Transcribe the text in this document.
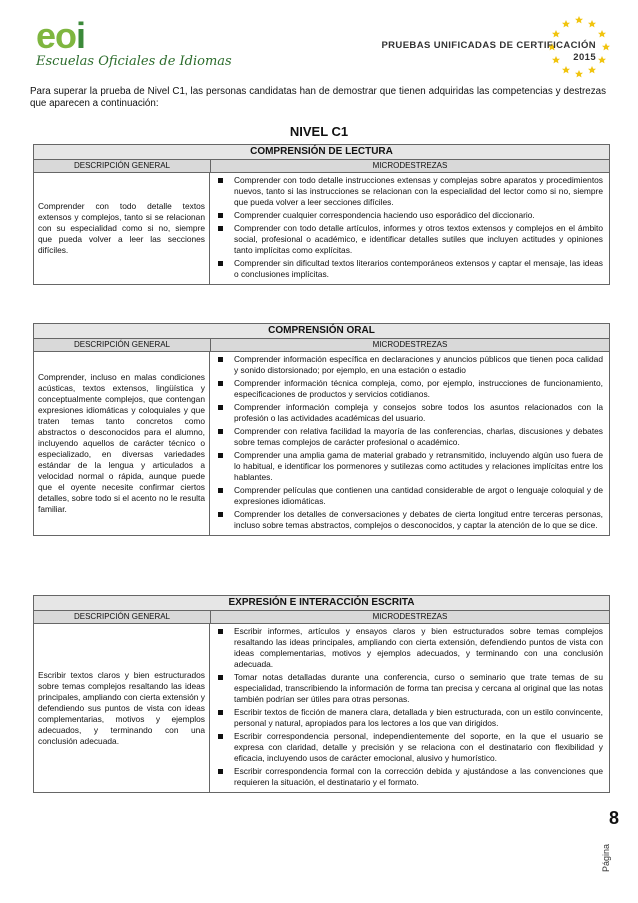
eoi
Escuelas Oficiales de Idiomas
PRUEBAS UNIFICADAS DE CERTIFICACIÓN
2015
Para superar la prueba de Nivel C1, las personas candidatas han de demostrar que tienen adquiridas las competencias y destrezas que aparecen a continuación:
NIVEL C1
COMPRENSIÓN DE LECTURA
DESCRIPCIÓN GENERAL	MICRODESTREZAS
Comprender con todo detalle textos extensos y complejos, tanto si se relacionan con su especialidad como si no, siempre que pueda volver a leer las secciones difíciles.
Comprender con todo detalle instrucciones extensas y complejas sobre aparatos y procedimientos nuevos, tanto si las instrucciones se relacionan con la especialidad del lector como si no, siempre que pueda volver a leer secciones difíciles.
Comprender cualquier correspondencia haciendo uso esporádico del diccionario.
Comprender con todo detalle artículos, informes y otros textos extensos y complejos en el ámbito social, profesional o académico, e identificar detalles sutiles que incluyen actitudes y opiniones tanto implícitas como explícitas.
Comprender sin dificultad textos literarios contemporáneos extensos y captar el mensaje, las ideas o conclusiones implícitas.
COMPRENSIÓN ORAL
DESCRIPCIÓN GENERAL	MICRODESTREZAS
Comprender, incluso en malas condiciones acústicas, textos extensos, lingüística y conceptualmente complejos, que contengan expresiones idiomáticas y coloquiales y que traten temas tanto concretos como abstractos o desconocidos para el alumno, incluyendo aquellos de carácter técnico o especializado, en diversas variedades estándar de la lengua y articulados a velocidad normal o rápida, aunque puede que el oyente necesite confirmar ciertos detalles, sobre todo si el acento no le resulta familiar.
Comprender información específica en declaraciones y anuncios públicos que tienen poca calidad y sonido distorsionado; por ejemplo, en una estación o estadio
Comprender información técnica compleja, como, por ejemplo, instrucciones de funcionamiento, especificaciones de productos y servicios cotidianos.
Comprender información compleja y consejos sobre todos los asuntos relacionados con la profesión o las actividades académicas del usuario.
Comprender con relativa facilidad la mayoría de las conferencias, charlas, discusiones y debates sobre temas complejos de carácter profesional o académico.
Comprender una amplia gama de material grabado y retransmitido, incluyendo algún uso fuera de lo habitual, e identificar los pormenores y sutilezas como actitudes y relaciones implícitas entre los hablantes.
Comprender películas que contienen una cantidad considerable de argot o lenguaje coloquial y de expresiones idiomáticas.
Comprender los detalles de conversaciones y debates de cierta longitud entre terceras personas, incluso sobre temas abstractos, complejos o desconocidos, y captar la atención de lo que se dice.
EXPRESIÓN E INTERACCIÓN ESCRITA
DESCRIPCIÓN GENERAL	MICRODESTREZAS
Escribir textos claros y bien estructurados sobre temas complejos resaltando las ideas principales, ampliando con cierta extensión y defendiendo sus puntos de vista con ideas complementarias, motivos y ejemplos adecuados, y terminando con una conclusión adecuada.
Escribir informes, artículos y ensayos claros y bien estructurados sobre temas complejos resaltando las ideas principales, ampliando con cierta extensión, defendiendo puntos de vista con ideas complementarias, motivos y ejemplos adecuados, y terminando con una conclusión adecuada.
Tomar notas detalladas durante una conferencia, curso o seminario que trate temas de su especialidad, transcribiendo la información de forma tan precisa y cercana al original que las notas también podrían ser útiles para otras personas.
Escribir textos de ficción de manera clara, detallada y bien estructurada, con un estilo convincente, personal y natural, apropiados para los lectores a los que van dirigidos.
Escribir correspondencia personal, independientemente del soporte, en la que el usuario se expresa con claridad, detalle y precisión y se relaciona con el destinatario con flexibilidad y eficacia, incluyendo usos de carácter emocional, alusivo y humorístico.
Escribir correspondencia formal con la corrección debida y ajustándose a las convenciones que requieren la situación, el destinatario y el formato.
8
Página
